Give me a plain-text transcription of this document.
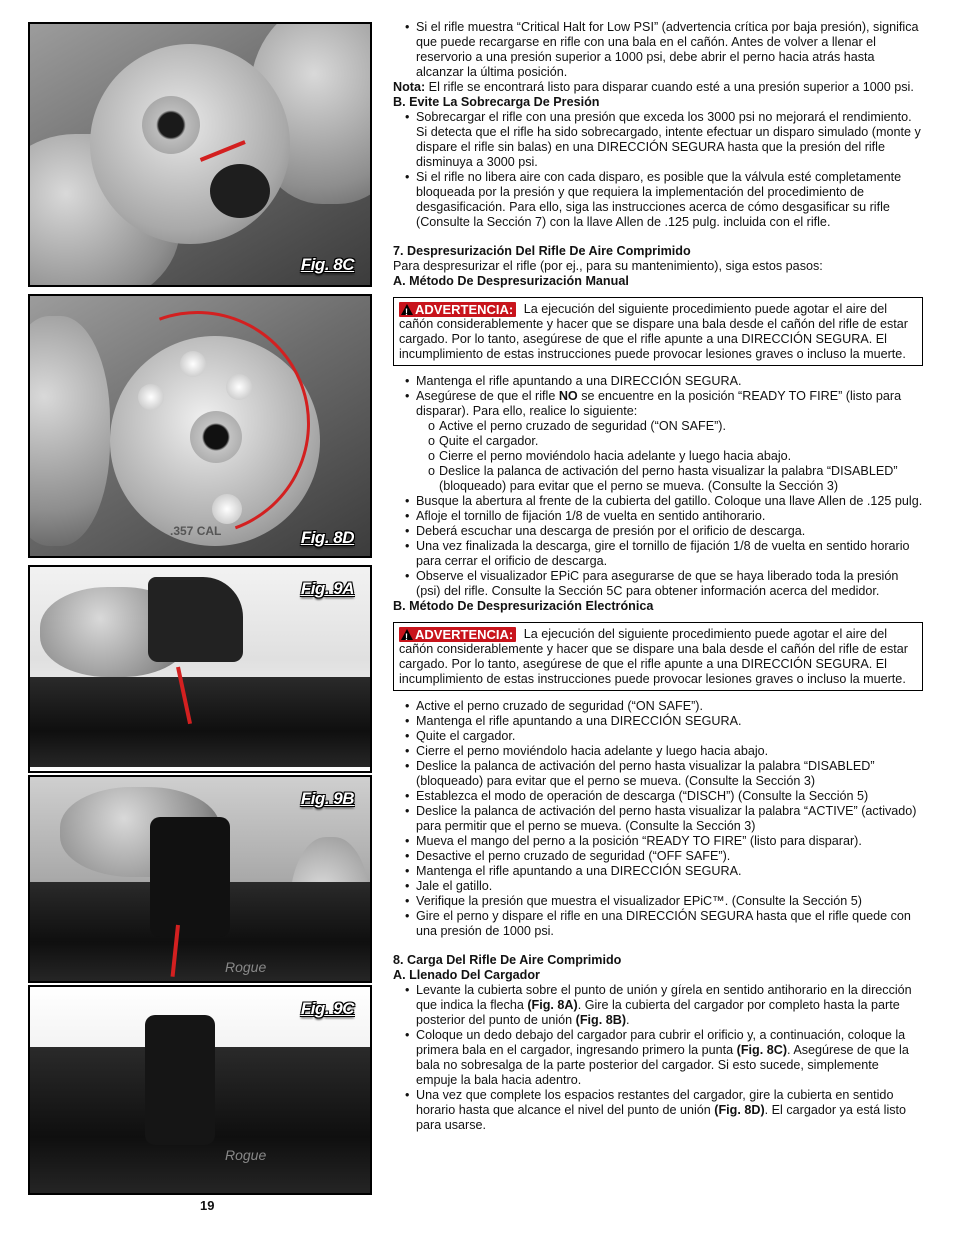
Fig. 8C
.357 CAL	Fig. 8D
Fig. 9A
Rogue
Fig. 9B
Rogue
Fig. 9C
• Si el rifle muestra “Critical Halt for Low PSI” (advertencia crítica por baja presión), significa que puede recargarse en rifle con una bala en el cañón. Antes de volver a llenar el reservorio a una presión superior a 1000 psi, debe abrir el perno hacia atrás hasta alcanzar la última posición.

Nota: El rifle se encontrará listo para disparar cuando esté a una presión superior a 1000 psi.

B. Evite La Sobrecarga De Presión

• Sobrecargar el rifle con una presión que exceda los 3000 psi no mejorará el rendimiento. Si detecta que el rifle ha sido sobrecargado, intente efectuar un disparo simulado (monte y dispare el rifle sin balas) en una DIRECCIÓN SEGURA hasta que la presión del rifle disminuya a 3000 psi.
• Si el rifle no libera aire con cada disparo, es posible que la válvula esté completamente bloqueada por la presión y que requiera la implementación del procedimiento de desgasificación. Para ello, siga las instrucciones acerca de cómo desgasificar su rifle (Consulte la Sección 7) con la llave Allen de .125 pulg. incluida con el rifle.

7. Despresurización Del Rifle De Aire Comprimido

Para despresurizar el rifle (por ej., para su mantenimiento), siga estos pasos:

A. Método De Despresurización Manual

!ADVERTENCIA: La ejecución del siguiente procedimiento puede agotar el aire del cañón considerablemente y hacer que se dispare una bala desde el cañón del rifle de estar cargado. Por lo tanto, asegúrese de que el rifle apunte a una DIRECCIÓN SEGURA. El incumplimiento de estas instrucciones puede provocar lesiones graves o incluso la muerte.
• Mantenga el rifle apuntando a una DIRECCIÓN SEGURA.
• Asegúrese de que el rifle NO se encuentre en la posición “READY TO FIRE” (listo para disparar). Para ello, realice lo siguiente:
o Active el perno cruzado de seguridad (“ON SAFE”).
o Quite el cargador.
o Cierre el perno moviéndolo hacia adelante y luego hacia abajo.
o Deslice la palanca de activación del perno hasta visualizar la palabra “DISABLED” (bloqueado) para evitar que el perno se mueva. (Consulte la Sección 3)
• Busque la abertura al frente de la cubierta del gatillo. Coloque una llave Allen de .125 pulg.
• Afloje el tornillo de fijación 1/8 de vuelta en sentido antihorario.
• Deberá escuchar una descarga de presión por el orificio de descarga.
• Una vez finalizada la descarga, gire el tornillo de fijación 1/8 de vuelta en sentido horario para cerrar el orificio de descarga.
• Observe el visualizador EPiC para asegurarse de que se haya liberado toda la presión (psi) del rifle. Consulte la Sección 5C para obtener información acerca del medidor.

B. Método De Despresurización Electrónica

!ADVERTENCIA: La ejecución del siguiente procedimiento puede agotar el aire del cañón considerablemente y hacer que se dispare una bala desde el cañón del rifle de estar cargado. Por lo tanto, asegúrese de que el rifle apunte a una DIRECCIÓN SEGURA. El incumplimiento de estas instrucciones puede provocar lesiones graves o incluso la muerte.
• Active el perno cruzado de seguridad (“ON SAFE”).
• Mantenga el rifle apuntando a una DIRECCIÓN SEGURA.
• Quite el cargador.
• Cierre el perno moviéndolo hacia adelante y luego hacia abajo.
• Deslice la palanca de activación del perno hasta visualizar la palabra “DISABLED” (bloqueado) para evitar que el perno se mueva. (Consulte la Sección 3)
• Establezca el modo de operación de descarga (“DISCH”) (Consulte la Sección 5)
• Deslice la palanca de activación del perno hasta visualizar la palabra “ACTIVE” (activado) para permitir que el perno se mueva. (Consulte la Sección 3)
• Mueva el mango del perno a la posición “READY TO FIRE” (listo para disparar).
• Desactive el perno cruzado de seguridad (“OFF SAFE”).
• Mantenga el rifle apuntando a una DIRECCIÓN SEGURA.
• Jale el gatillo.
• Verifique la presión que muestra el visualizador EPiC™. (Consulte la Sección 5)
• Gire el perno y dispare el rifle en una DIRECCIÓN SEGURA hasta que el rifle quede con una presión de 1000 psi.

8. Carga Del Rifle De Aire Comprimido

A. Llenado Del Cargador

• Levante la cubierta sobre el punto de unión y gírela en sentido antihorario en la dirección que indica la flecha (Fig. 8A). Gire la cubierta del cargador por completo hasta la parte posterior del punto de unión (Fig. 8B).
• Coloque un dedo debajo del cargador para cubrir el orificio y, a continuación, coloque la primera bala en el cargador, ingresando primero la punta (Fig. 8C). Asegúrese de que la bala no sobresalga de la parte posterior del cargador. Si esto sucede, simplemente empuje la bala hacia adentro.
• Una vez que complete los espacios restantes del cargador, gire la cubierta en sentido horario hasta que alcance el nivel del punto de unión (Fig. 8D). El cargador ya está listo para usarse.
19
